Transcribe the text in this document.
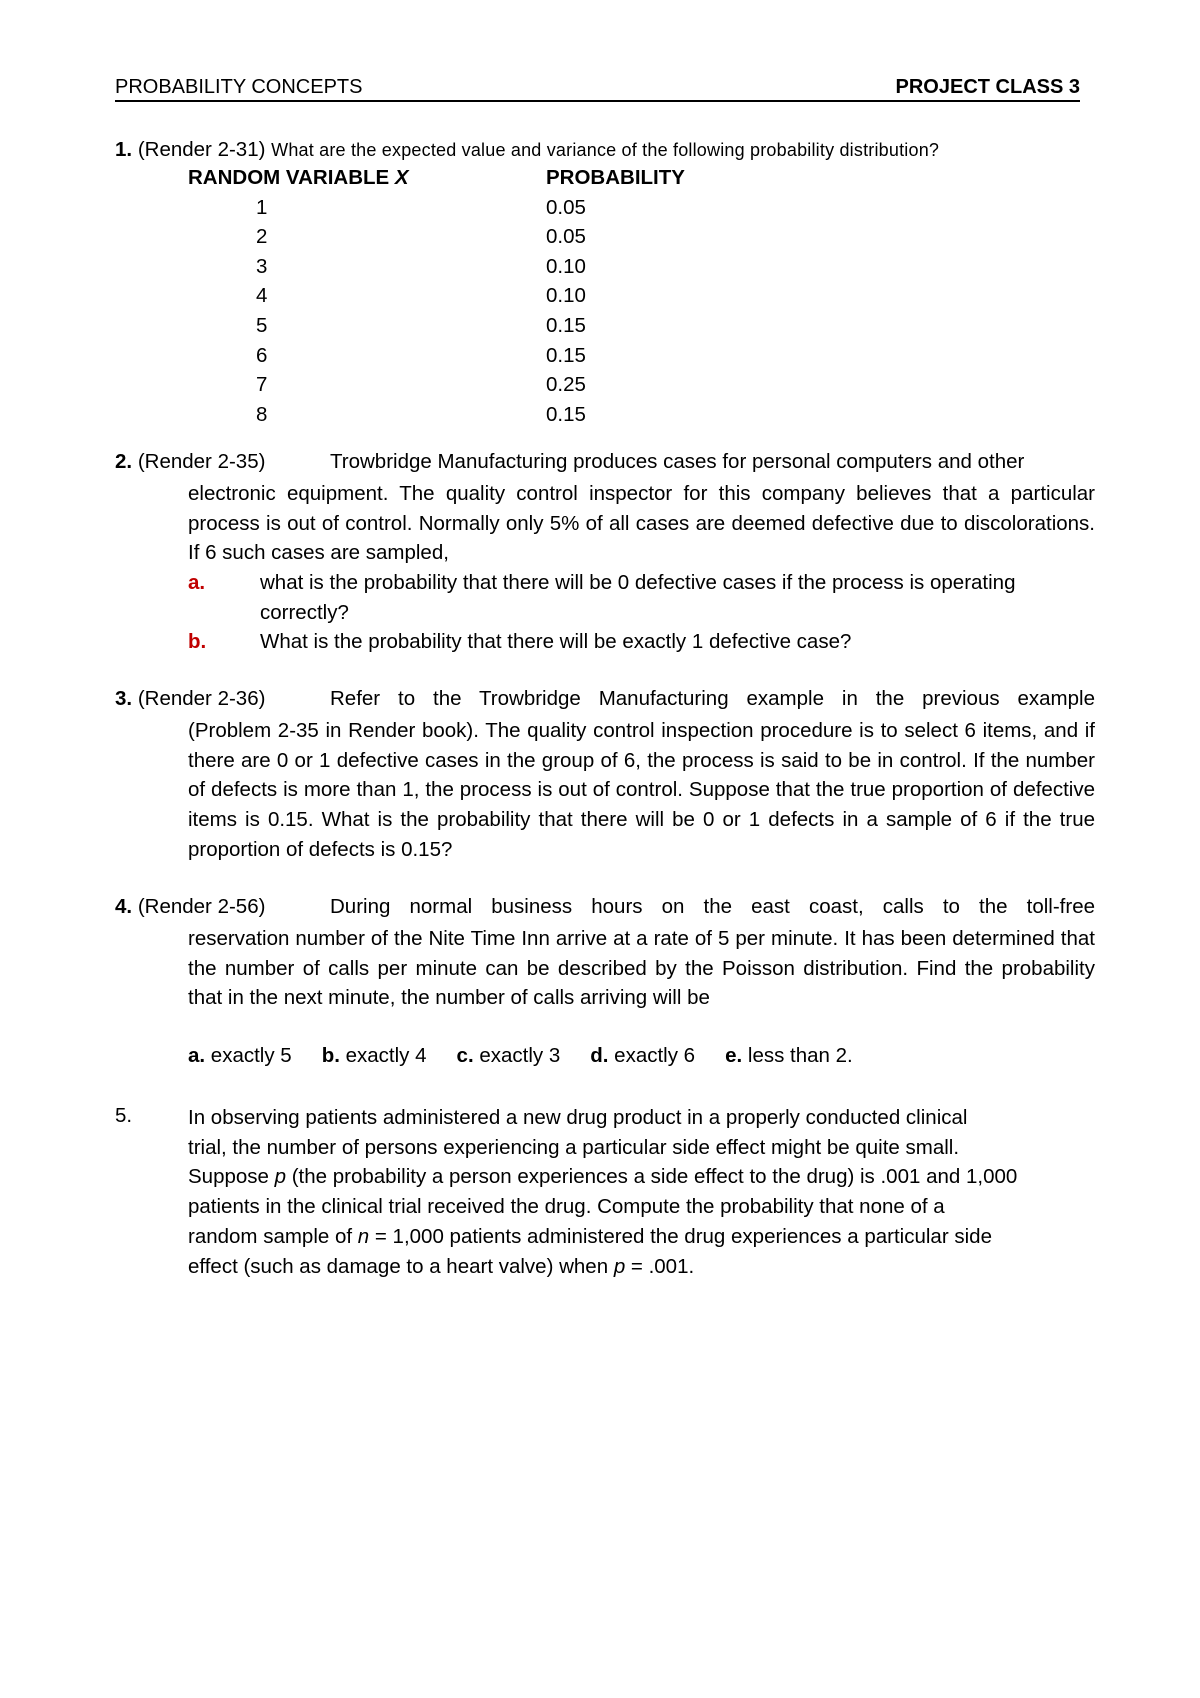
PROBABILITY CONCEPTS	PROJECT CLASS 3
1. (Render 2-31) What are the expected value and variance of the following probability distribution?
RANDOM VARIABLE X	PROBABILITY
1	0.05
2	0.05
3	0.10
4	0.10
5	0.15
6	0.15
7	0.25
8	0.15
2. (Render 2-35)	Trowbridge Manufacturing produces cases for personal computers and other
electronic equipment. The quality control inspector for this company believes that a particular process is out of control. Normally only 5% of all cases are deemed defective due to discolorations. If 6 such cases are sampled,
a.	what is the probability that there will be 0 defective cases if the process is operating correctly?
b.	What is the probability that there will be exactly 1 defective case?
3. (Render 2-36)	Refer to the Trowbridge Manufacturing example in the previous example
(Problem 2-35 in Render book). The quality control inspection procedure is to select 6 items, and if there are 0 or 1 defective cases in the group of 6, the process is said to be in control. If the number of defects is more than 1, the process is out of control. Suppose that the true proportion of defective items is 0.15. What is the probability that there will be 0 or 1 defects in a sample of 6 if the true proportion of defects is 0.15?
4. (Render 2-56)	During normal business hours on the east coast, calls to the toll-free
reservation number of the Nite Time Inn arrive at a rate of 5 per minute. It has been determined that the number of calls per minute can be described by the Poisson distribution. Find the probability that in the next minute, the number of calls arriving will be
a. exactly 5 b. exactly 4 c. exactly 3 d. exactly 6 e. less than 2.
5.	In observing patients administered a new drug product in a properly conducted clinical
trial, the number of persons experiencing a particular side effect might be quite small.
Suppose p (the probability a person experiences a side effect to the drug) is .001 and 1,000
patients in the clinical trial received the drug. Compute the probability that none of a
random sample of n = 1,000 patients administered the drug experiences a particular side
effect (such as damage to a heart valve) when p = .001.
